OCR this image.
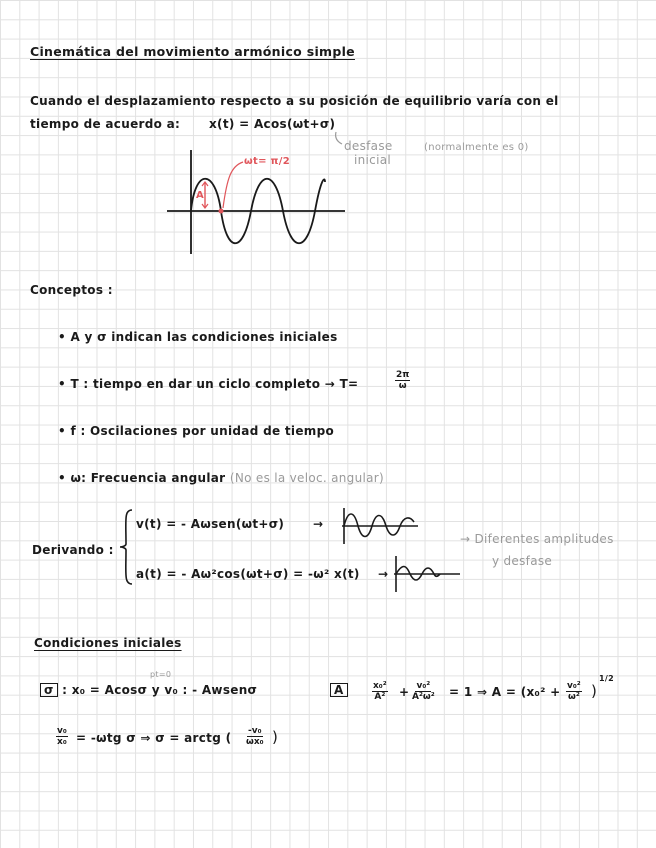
Cinemática del movimiento armónico simple
Cuando el desplazamiento respecto a su posición de equilibrio varía con el
tiempo de acuerdo a: x(t) = Acos(ωt+σ)
desfase
inicial
(normalmente es 0)
A
ωt= π/2
Conceptos :
• A y σ indican las condiciones iniciales
• T : tiempo en dar un ciclo completo → T=	$\frac{2\pi}{\omega}$
• f : Oscilaciones por unidad de tiempo
• ω: Frecuencia angular (No es la veloc. angular)
Derivando :
v(t) = - Aωsen(ωt+σ) →
a(t) = - Aω²cos(ωt+σ) = -ω² x(t) →
→ Diferentes amplitudes
y desfase
Condiciones iniciales
pt=0
σ : x₀ = Acosσ y v₀ : - Awsenσ	A	$\frac{\text{x₀²}}{\text{A²}} + \frac{\text{v₀²}}{\text{A²ω²}} = 1$ ⇒ $A = (x_0^2 + \frac{\text{v₀²}}{\text{ω²}}$ )
1/2
$\frac{\text{v₀}}{\text{x₀}} = -\omega tg$ σ ⇒ σ = arctg ( $\frac{\text{-v₀}}{\text{ωx₀}}$ )
